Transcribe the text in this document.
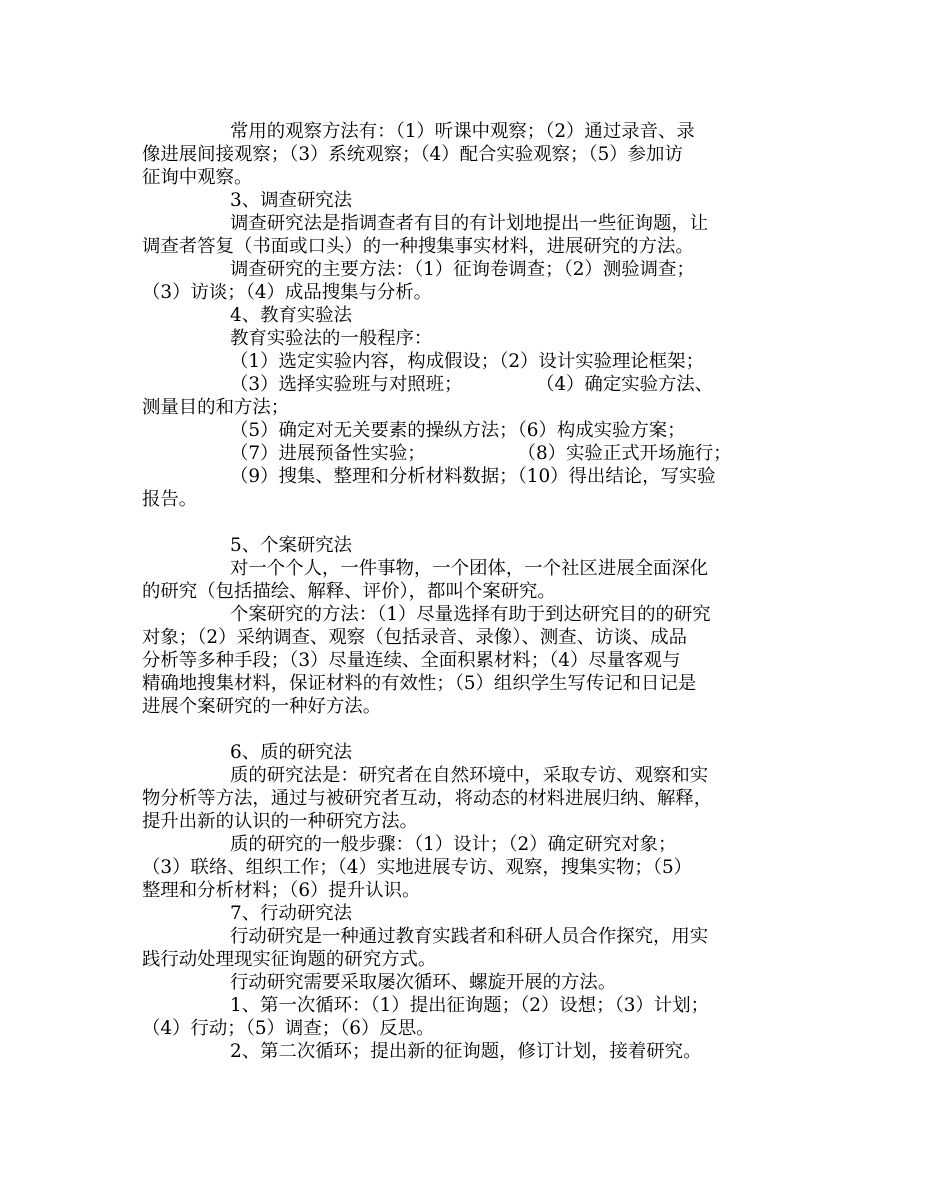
常用的观察方法有：（1）听课中观察；（2）通过录音、录
像进展间接观察；（3）系统观察；（4）配合实验观察；（5）参加访
征询中观察。
3、调查研究法
调查研究法是指调查者有目的有计划地提出一些征询题，让
调查者答复（书面或口头）的一种搜集事实材料，进展研究的方法。
调查研究的主要方法：（1）征询卷调查；（2）测验调查；
（3）访谈；（4）成品搜集与分析。
4、教育实验法
教育实验法的一般程序：
（1）选定实验内容，构成假设；（2）设计实验理论框架；
（3）选择实验班与对照班；　　　　　（4）确定实验方法、
测量目的和方法；
（5）确定对无关要素的操纵方法；（6）构成实验方案；
（7）进展预备性实验；　　　　　　（8）实验正式开场施行；
（9）搜集、整理和分析材料数据；（10）得出结论，写实验
报告。
5、个案研究法
对一个个人，一件事物，一个团体，一个社区进展全面深化
的研究（包括描绘、解释、评价），都叫个案研究。
个案研究的方法：（1）尽量选择有助于到达研究目的的研究
对象；（2）采纳调查、观察（包括录音、录像）、测查、访谈、成品
分析等多种手段；（3）尽量连续、全面积累材料；（4）尽量客观与
精确地搜集材料，保证材料的有效性；（5）组织学生写传记和日记是
进展个案研究的一种好方法。
6、质的研究法
质的研究法是：研究者在自然环境中，采取专访、观察和实
物分析等方法，通过与被研究者互动，将动态的材料进展归纳、解释，
提升出新的认识的一种研究方法。
质的研究的一般步骤：（1）设计；（2）确定研究对象；
（3）联络、组织工作；（4）实地进展专访、观察，搜集实物；（5）
整理和分析材料；（6）提升认识。
7、行动研究法
行动研究是一种通过教育实践者和科研人员合作探究，用实
践行动处理现实征询题的研究方式。
行动研究需要采取屡次循环、螺旋开展的方法。
1、第一次循环：（1）提出征询题；（2）设想；（3）计划；
（4）行动；（5）调查；（6）反思。
2、第二次循环；提出新的征询题，修订计划，接着研究。
